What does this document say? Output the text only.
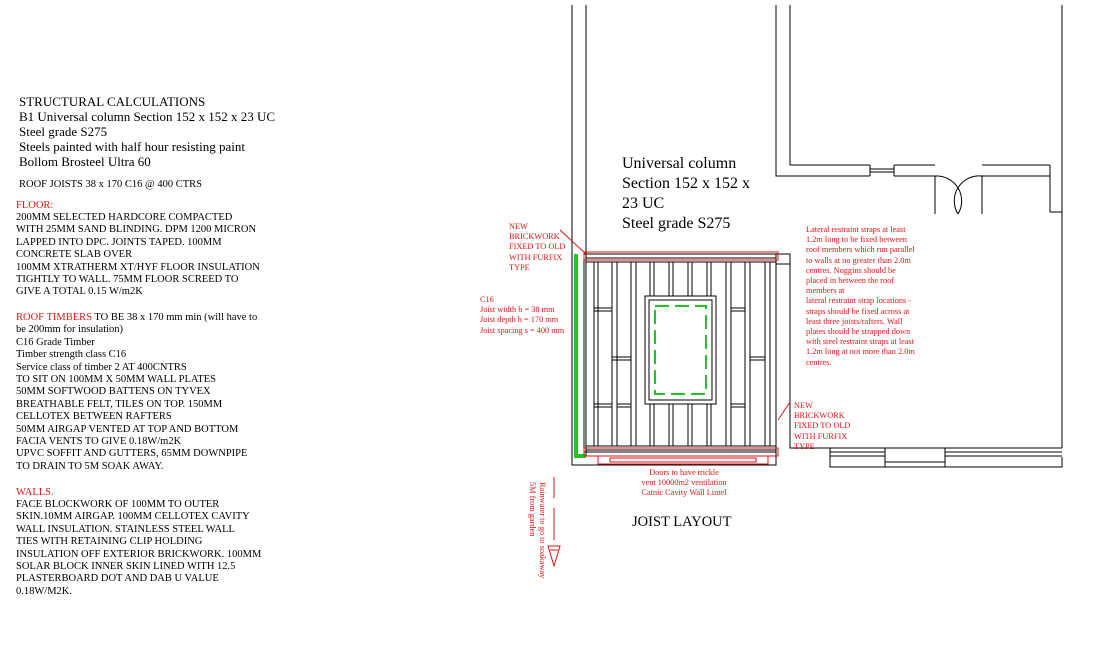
STRUCTURAL CALCULATIONS
B1 Universal column Section 152 x 152 x 23 UC
Steel grade S275
Steels painted with half hour resisting paint
Bollom Brosteel Ultra 60
ROOF JOISTS 38 x 170 C16 @ 400 CTRS
FLOOR:
200MM SELECTED HARDCORE COMPACTED
WITH 25MM SAND BLINDING. DPM 1200 MICRON
LAPPED INTO DPC. JOINTS TAPED. 100MM
CONCRETE SLAB OVER
100MM XTRATHERM XT/HYF FLOOR INSULATION
TIGHTLY TO WALL. 75MM FLOOR SCREED TO
GIVE A TOTAL 0.15 W/m2K
ROOF TIMBERS TO BE 38 x 170 mm min (will have to
be 200mm for insulation)
C16 Grade Timber
Timber strength class C16
Service class of timber 2 AT 400CNTRS
TO SIT ON 100MM X 50MM WALL PLATES
50MM SOFTWOOD BATTENS ON TYVEX
BREATHABLE FELT, TILES ON TOP. 150MM
CELLOTEX BETWEEN RAFTERS
50MM AIRGAP VENTED AT TOP AND BOTTOM
FACIA VENTS TO GIVE 0.18W/m2K
UPVC SOFFIT AND GUTTERS, 65MM DOWNPIPE
TO DRAIN TO 5M SOAK AWAY.
WALLS.
FACE BLOCKWORK OF 100MM TO OUTER
SKIN.10MM AIRGAP. 100MM CELLOTEX CAVITY
WALL INSULATION. STAINLESS STEEL WALL
TIES WITH RETAINING CLIP HOLDING
INSULATION OFF EXTERIOR BRICKWORK. 100MM
SOLAR BLOCK INNER SKIN LINED WITH 12.5
PLASTERBOARD DOT AND DAB U VALUE
0.18W/M2K.
Universal column
Section 152 x 152 x
23 UC
Steel grade S275
NEW
BRICKWORK
FIXED TO OLD
WITH FURFIX
TYPE
C16
Joist width b = 38 mm
Joist depth h = 170 mm
Joist spacing s = 400 mm
Lateral restraint straps at least
1.2m long to be fixed between
roof members which run parallel
to walls at no greater than 2.0m
centres. Noggins should be
placed in between the roof
members at
lateral restraint strap locations -
straps should be fixed across at
least three joists/rafters. Wall
plates should be strapped down
with steel restraint straps at least
1.2m long at not more than 2.0m
centres.
NEW
BRICKWORK
FIXED TO OLD
WITH FURFIX
TYPE
Doors to have trickle
vent 10000m2 ventilation
Catnic Cavity Wall Lintel
Rainwater to go to soakaway
5M from garden	JOIST LAYOUT
